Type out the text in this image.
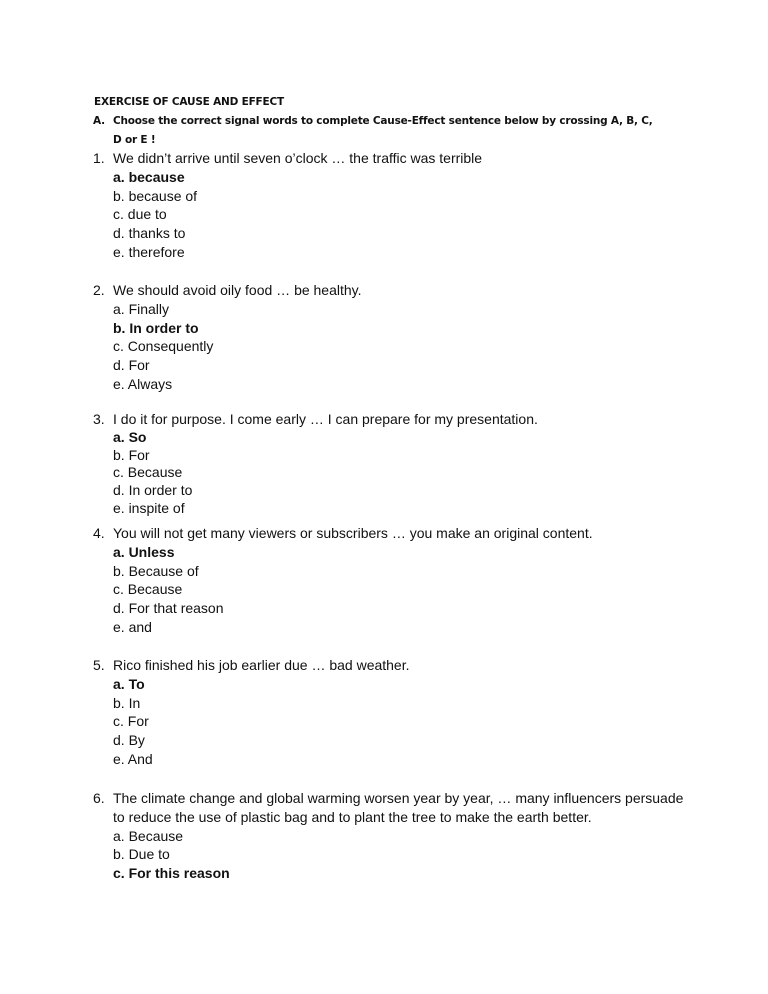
EXERCISE OF CAUSE AND EFFECT
A. Choose the correct signal words to complete Cause-Effect sentence below by crossing A, B, C,
D or E !
1. We didn’t arrive until seven o’clock … the traffic was terrible
a. because
b. because of
c. due to
d. thanks to
e. therefore
2. We should avoid oily food … be healthy.
a. Finally
b. In order to
c. Consequently
d. For
e. Always
3. I do it for purpose. I come early … I can prepare for my presentation.
a. So
b. For
c. Because
d. In order to
e. inspite of
4. You will not get many viewers or subscribers … you make an original content.
a. Unless
b. Because of
c. Because
d. For that reason
e. and
5. Rico finished his job earlier due … bad weather.
a. To
b. In
c. For
d. By
e. And
6. The climate change and global warming worsen year by year, … many influencers persuade to reduce the use of plastic bag and to plant the tree to make the earth better.
a. Because
b. Due to
c. For this reason
